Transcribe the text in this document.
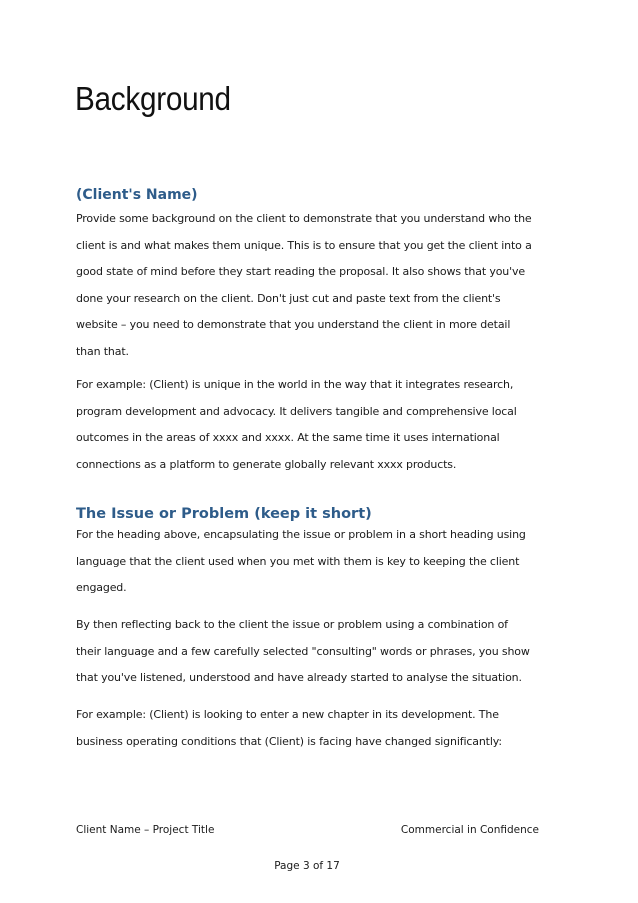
Background
(Client's Name)

Provide some background on the client to demonstrate that you understand who the
client is and what makes them unique. This is to ensure that you get the client into a
good state of mind before they start reading the proposal. It also shows that you've
done your research on the client. Don't just cut and paste text from the client's
website – you need to demonstrate that you understand the client in more detail
than that.

For example: (Client) is unique in the world in the way that it integrates research,
program development and advocacy. It delivers tangible and comprehensive local
outcomes in the areas of xxxx and xxxx. At the same time it uses international
connections as a platform to generate globally relevant xxxx products.

The Issue or Problem (keep it short)

For the heading above, encapsulating the issue or problem in a short heading using
language that the client used when you met with them is key to keeping the client
engaged.

By then reflecting back to the client the issue or problem using a combination of
their language and a few carefully selected "consulting" words or phrases, you show
that you've listened, understood and have already started to analyse the situation.

For example: (Client) is looking to enter a new chapter in its development. The
business operating conditions that (Client) is facing have changed significantly:

Client Name – Project Title	Commercial in Confidence
Page 3 of 17
